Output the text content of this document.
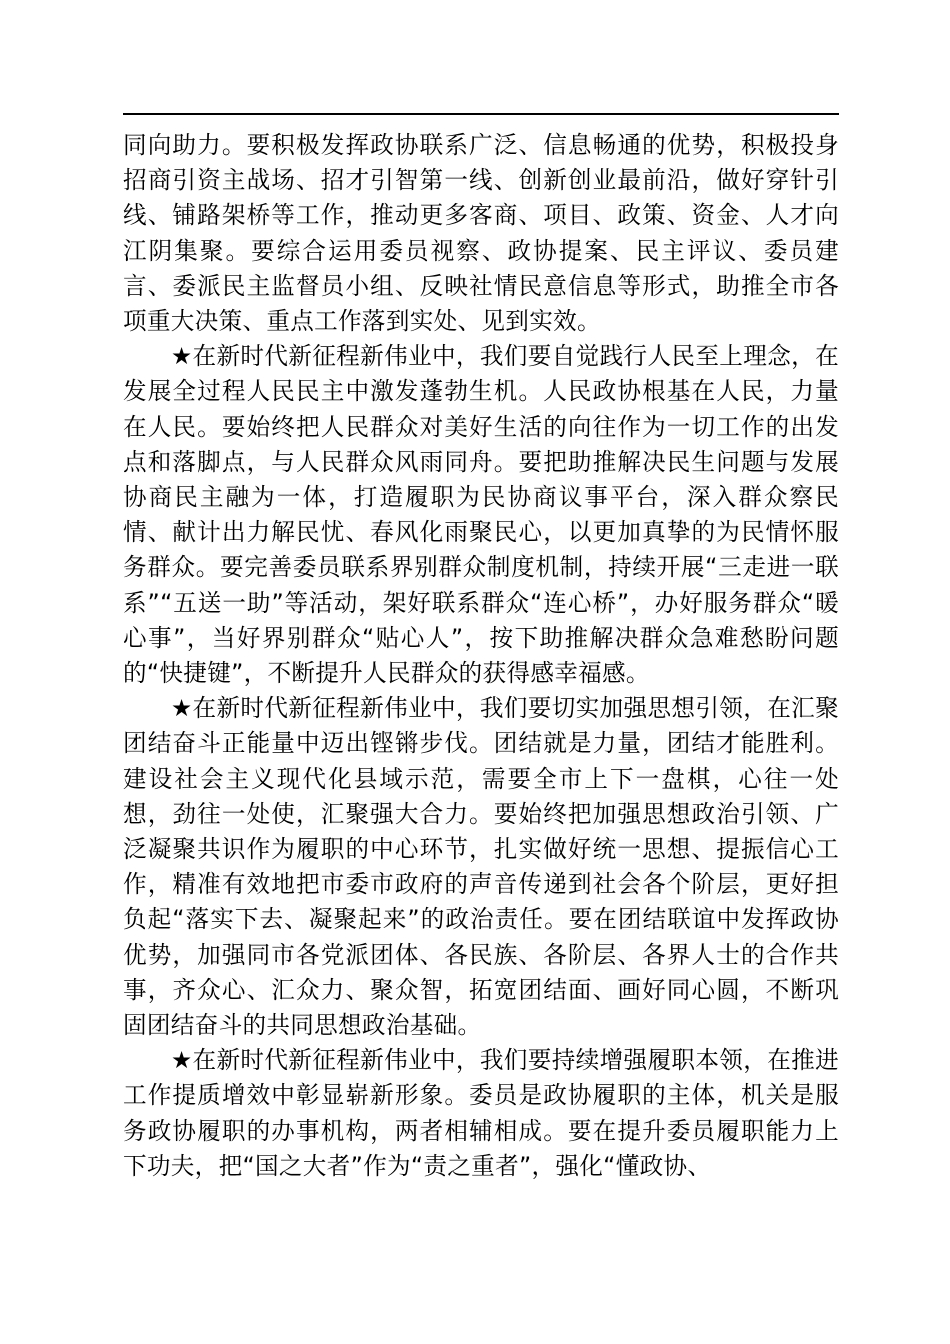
同向助力。要积极发挥政协联系广泛、信息畅通的优势，积极投身招商引资主战场、招才引智第一线、创新创业最前沿，做好穿针引线、铺路架桥等工作，推动更多客商、项目、政策、资金、人才向江阴集聚。要综合运用委员视察、政协提案、民主评议、委员建言、委派民主监督员小组、反映社情民意信息等形式，助推全市各项重大决策、重点工作落到实处、见到实效。

★在新时代新征程新伟业中，我们要自觉践行人民至上理念，在发展全过程人民民主中激发蓬勃生机。人民政协根基在人民，力量在人民。要始终把人民群众对美好生活的向往作为一切工作的出发点和落脚点，与人民群众风雨同舟。要把助推解决民生问题与发展协商民主融为一体，打造履职为民协商议事平台，深入群众察民情、献计出力解民忧、春风化雨聚民心，以更加真挚的为民情怀服务群众。要完善委员联系界别群众制度机制，持续开展“三走进一联系”“五送一助”等活动，架好联系群众“连心桥”，办好服务群众“暖心事”，当好界别群众“贴心人”，按下助推解决群众急难愁盼问题的“快捷键”，不断提升人民群众的获得感幸福感。

★在新时代新征程新伟业中，我们要切实加强思想引领，在汇聚团结奋斗正能量中迈出铿锵步伐。团结就是力量，团结才能胜利。建设社会主义现代化县域示范，需要全市上下一盘棋，心往一处想，劲往一处使，汇聚强大合力。要始终把加强思想政治引领、广泛凝聚共识作为履职的中心环节，扎实做好统一思想、提振信心工作，精准有效地把市委市政府的声音传递到社会各个阶层，更好担负起“落实下去、凝聚起来”的政治责任。要在团结联谊中发挥政协优势，加强同市各党派团体、各民族、各阶层、各界人士的合作共事，齐众心、汇众力、聚众智，拓宽团结面、画好同心圆，不断巩固团结奋斗的共同思想政治基础。

★在新时代新征程新伟业中，我们要持续增强履职本领，在推进工作提质增效中彰显崭新形象。委员是政协履职的主体，机关是服务政协履职的办事机构，两者相辅相成。要在提升委员履职能力上下功夫，把“国之大者”作为“责之重者”，强化“懂政协、
